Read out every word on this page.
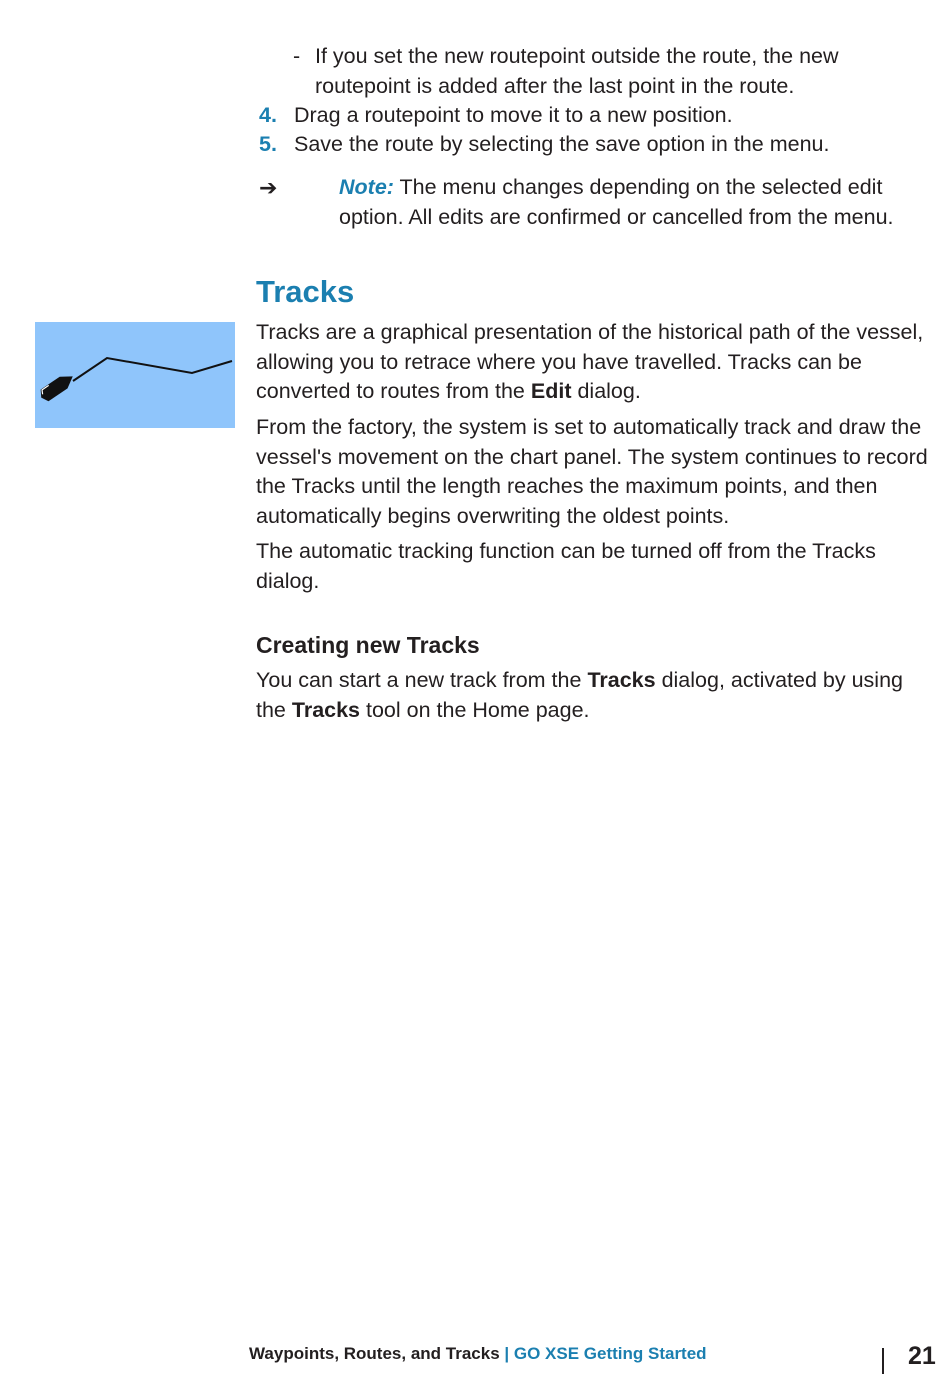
- If you set the new routepoint outside the route, the new routepoint is added after the last point in the route.
4. Drag a routepoint to move it to a new position.
5. Save the route by selecting the save option in the menu.
➔	Note: The menu changes depending on the selected edit option. All edits are confirmed or cancelled from the menu.
Tracks

Tracks are a graphical presentation of the historical path of the vessel, allowing you to retrace where you have travelled. Tracks can be converted to routes from the Edit dialog.

From the factory, the system is set to automatically track and draw the vessel's movement on the chart panel. The system continues to record the Tracks until the length reaches the maximum points, and then automatically begins overwriting the oldest points.

The automatic tracking function can be turned off from the Tracks dialog.

Creating new Tracks

You can start a new track from the Tracks dialog, activated by using the Tracks tool on the Home page.

Waypoints, Routes, and Tracks | GO XSE Getting Started	21
